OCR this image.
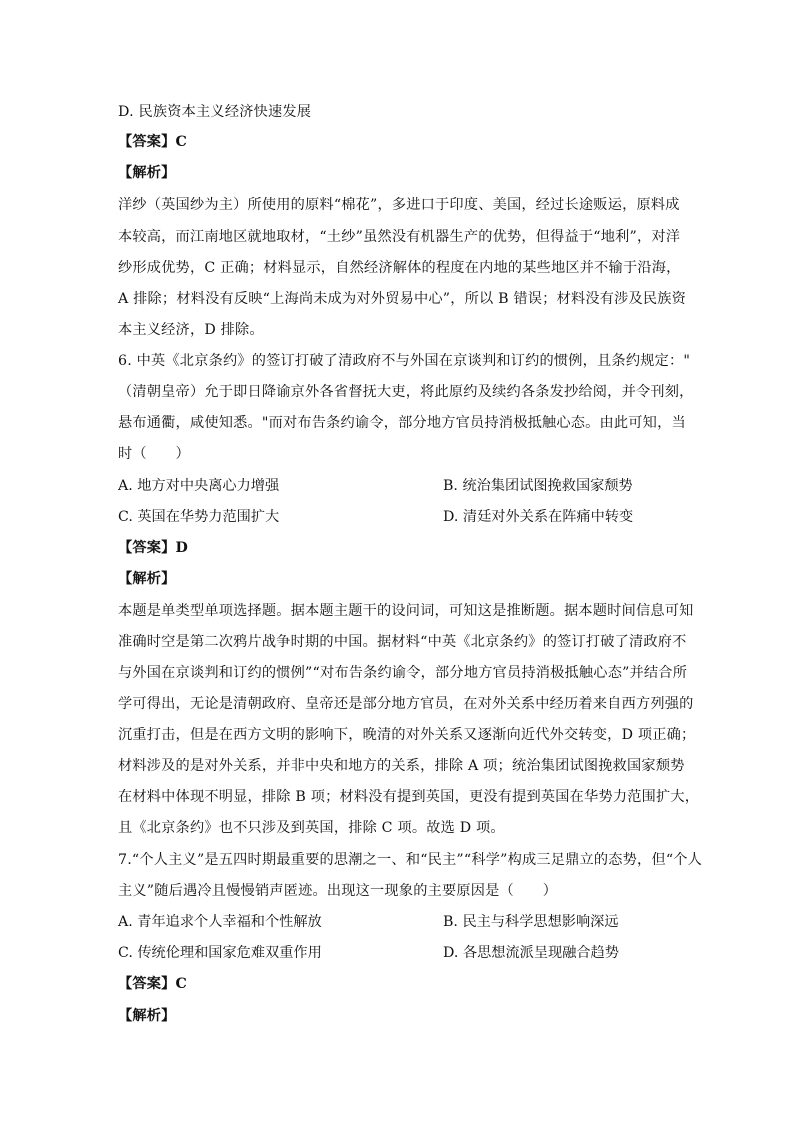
D. 民族资本主义经济快速发展
【答案】C
【解析】
洋纱（英国纱为主）所使用的原料“棉花”，多进口于印度、美国，经过长途贩运，原料成
本较高，而江南地区就地取材，“土纱”虽然没有机器生产的优势，但得益于“地利”，对洋
纱形成优势，C 正确；材料显示，自然经济解体的程度在内地的某些地区并不输于沿海，
A 排除；材料没有反映“上海尚未成为对外贸易中心”，所以 B 错误；材料没有涉及民族资
本主义经济，D 排除。
6. 中英《北京条约》的签订打破了清政府不与外国在京谈判和订约的惯例，且条约规定："
（清朝皇帝）允于即日降谕京外各省督抚大吏，将此原约及续约各条发抄给阅，并令刊刻，
悬布通衢，咸使知悉。"而对布告条约谕令，部分地方官员持消极抵触心态。由此可知，当
时（　　）
A. 地方对中央离心力增强	B. 统治集团试图挽救国家颓势
C. 英国在华势力范围扩大	D. 清廷对外关系在阵痛中转变
【答案】D
【解析】
本题是单类型单项选择题。据本题主题干的设问词，可知这是推断题。据本题时间信息可知
准确时空是第二次鸦片战争时期的中国。据材料“中英《北京条约》的签订打破了清政府不
与外国在京谈判和订约的惯例”“对布告条约谕令，部分地方官员持消极抵触心态”并结合所
学可得出，无论是清朝政府、皇帝还是部分地方官员，在对外关系中经历着来自西方列强的
沉重打击，但是在西方文明的影响下，晚清的对外关系又逐渐向近代外交转变，D 项正确；
材料涉及的是对外关系，并非中央和地方的关系，排除 A 项；统治集团试图挽救国家颓势
在材料中体现不明显，排除 B 项；材料没有提到英国，更没有提到英国在华势力范围扩大，
且《北京条约》也不只涉及到英国，排除 C 项。故选 D 项。
7.“个人主义”是五四时期最重要的思潮之一、和“民主”“科学”构成三足鼎立的态势，但“个人
主义”随后遇冷且慢慢销声匿迹。出现这一现象的主要原因是（　　）
A. 青年追求个人幸福和个性解放	B. 民主与科学思想影响深远
C. 传统伦理和国家危难双重作用	D. 各思想流派呈现融合趋势
【答案】C
【解析】
